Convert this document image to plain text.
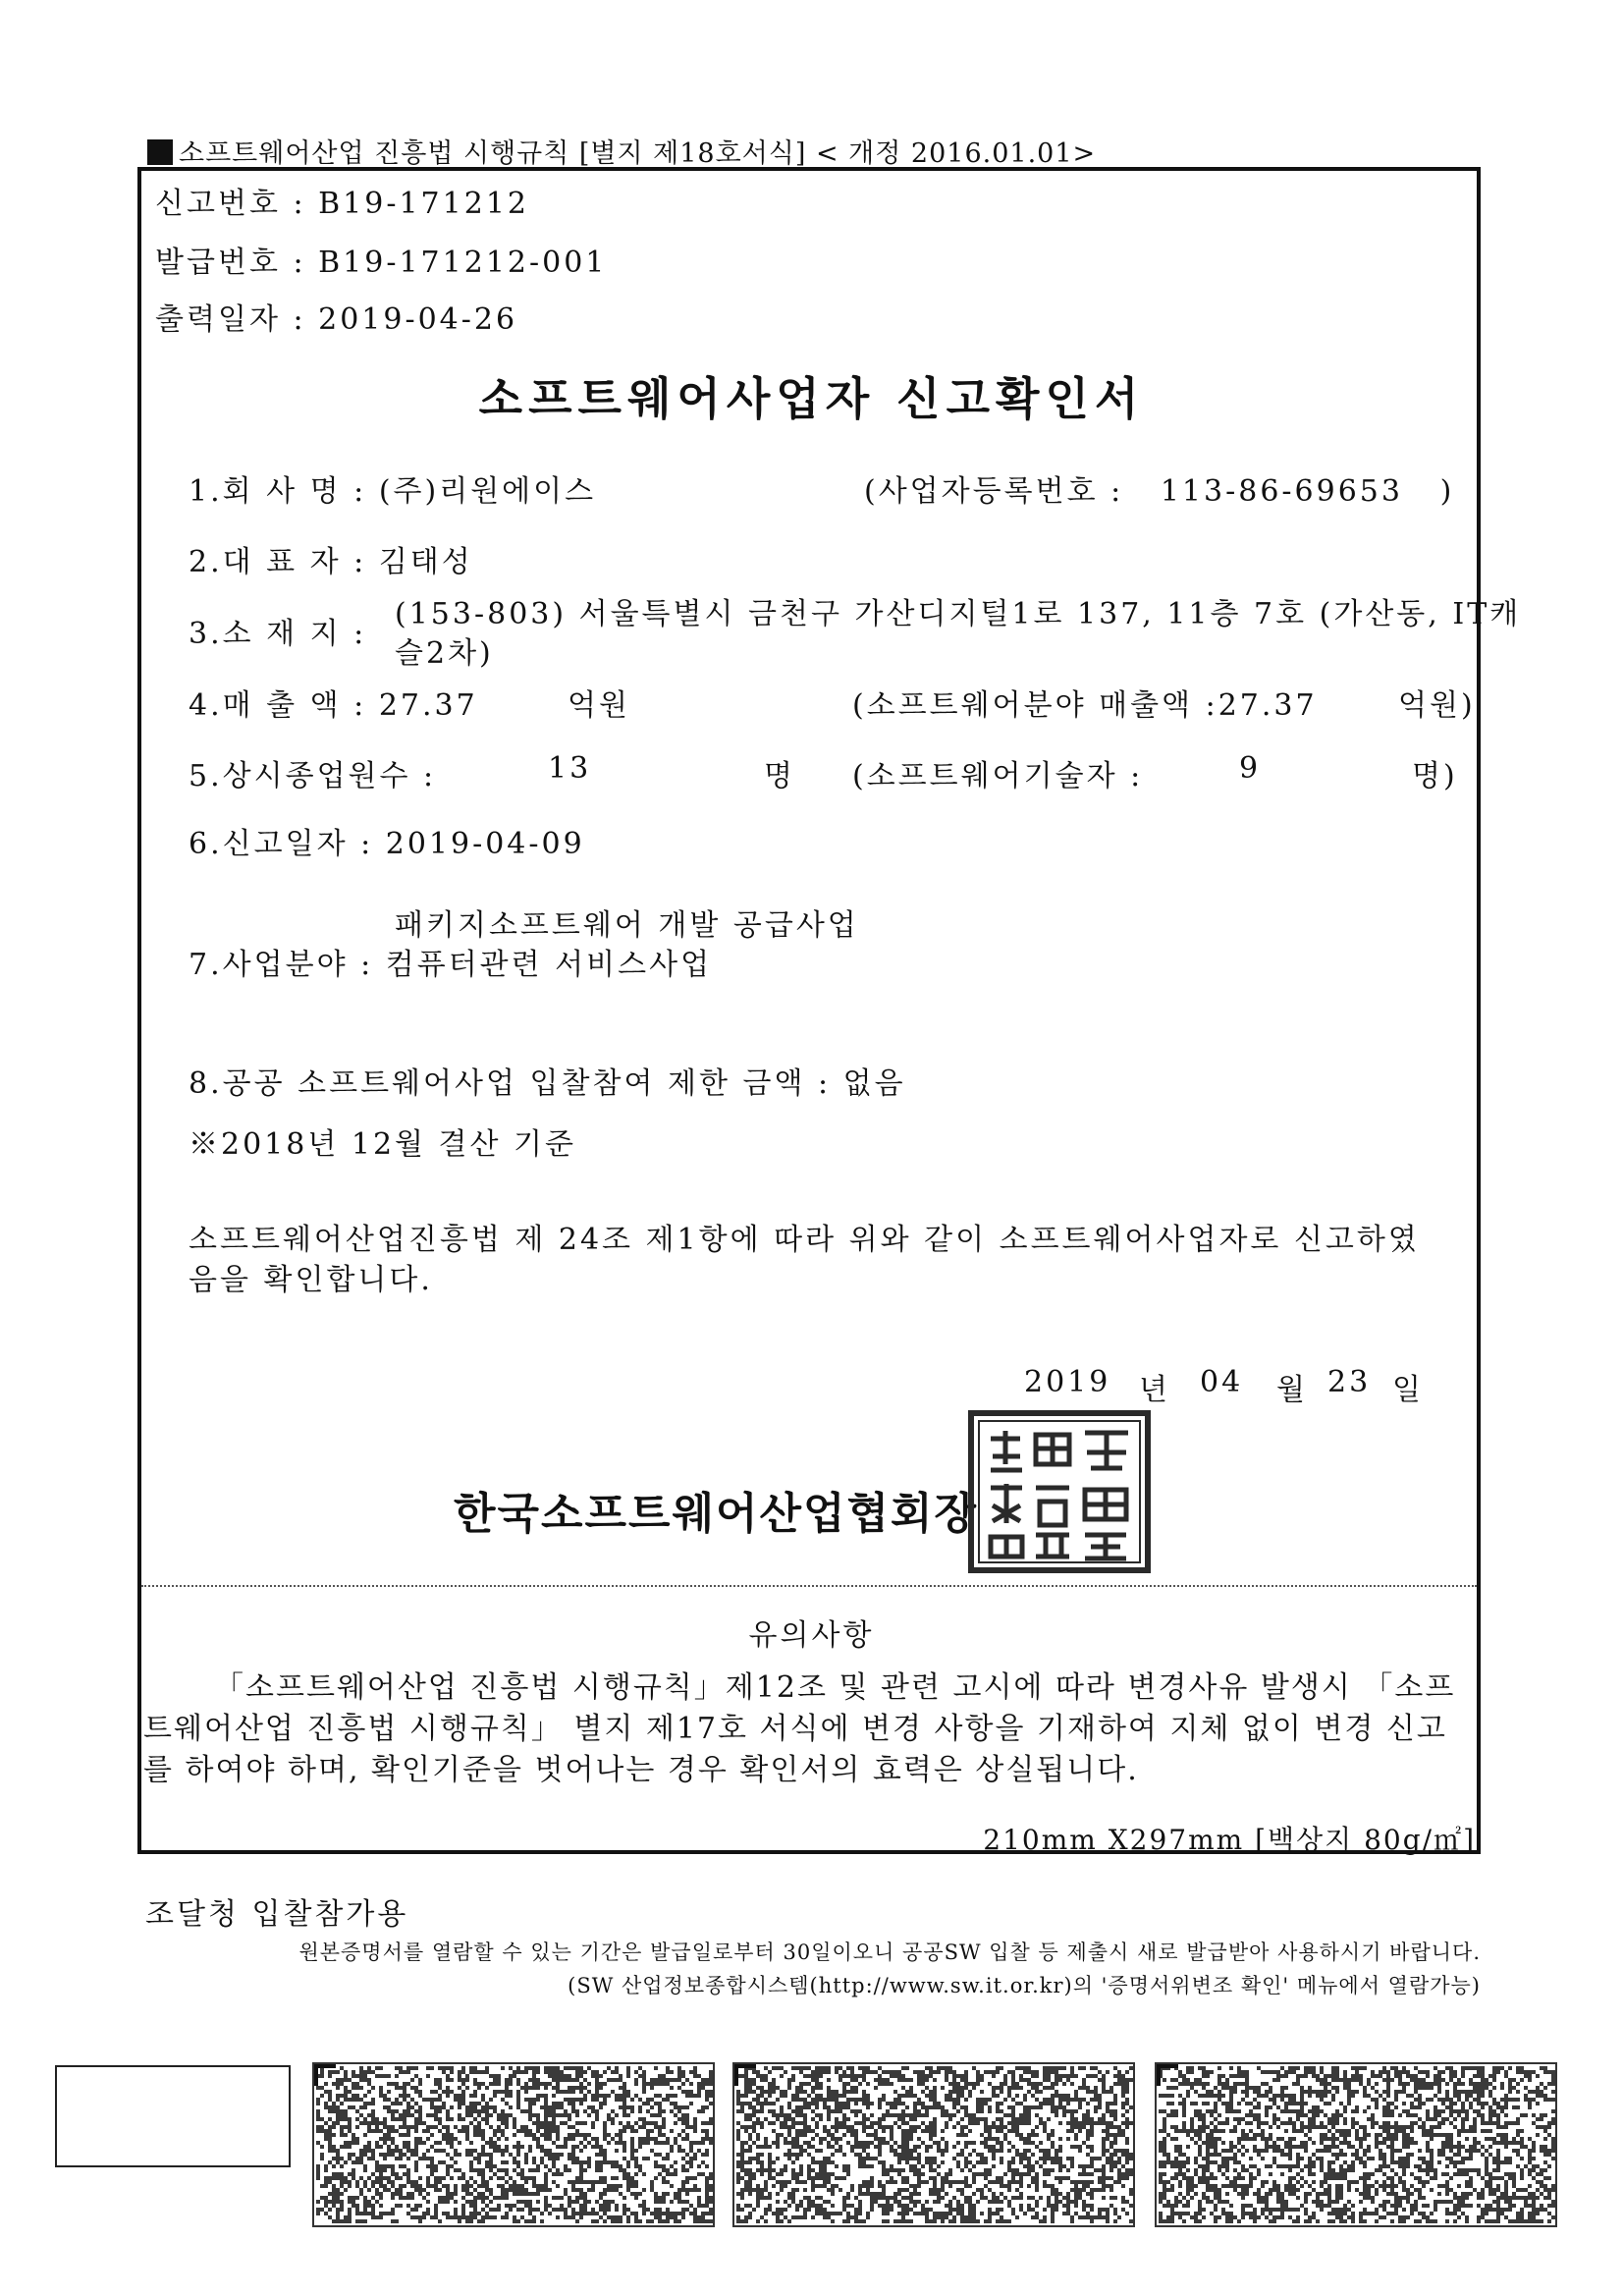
소프트웨어산업 진흥법 시행규칙 [별지 제18호서식] < 개정 2016.01.01>
신고번호 : B19-171212
발급번호 : B19-171212-001
출력일자 : 2019-04-26
소프트웨어사업자 신고확인서
1.회 사 명 : (주)리원에이스	(사업자등록번호 : 113-86-69653 )
2.대 표 자 : 김태성
3.소 재 지 :
(153-803) 서울특별시 금천구 가산디지털1로 137, 11층 7호 (가산동, IT캐
슬2차)
4.매 출 액 : 27.37	억원	(소프트웨어분야 매출액 :27.37	억원)
5.상시종업원수 :	13	명 (소프트웨어기술자 :	9	명)
6.신고일자 : 2019-04-09
패키지소프트웨어 개발 공급사업
7.사업분야 : 컴퓨터관련 서비스사업
8.공공 소프트웨어사업 입찰참여 제한 금액 : 없음
※2018년 12월 결산 기준
소프트웨어산업진흥법 제 24조 제1항에 따라 위와 같이 소프트웨어사업자로 신고하였
음을 확인합니다.
2019 년 04 월 23 일
한국소프트웨어산업협회장
유의사항
「소프트웨어산업 진흥법 시행규칙」제12조 및 관련 고시에 따라 변경사유 발생시 「소프
트웨어산업 진흥법 시행규칙」 별지 제17호 서식에 변경 사항을 기재하여 지체 없이 변경 신고
를 하여야 하며, 확인기준을 벗어나는 경우 확인서의 효력은 상실됩니다.
210mm X297mm [백상지 80g/㎡]
조달청 입찰참가용
원본증명서를 열람할 수 있는 기간은 발급일로부터 30일이오니 공공SW 입찰 등 제출시 새로 발급받아 사용하시기 바랍니다.
(SW 산업정보종합시스템(http://www.sw.it.or.kr)의 '증명서위변조 확인' 메뉴에서 열람가능)
